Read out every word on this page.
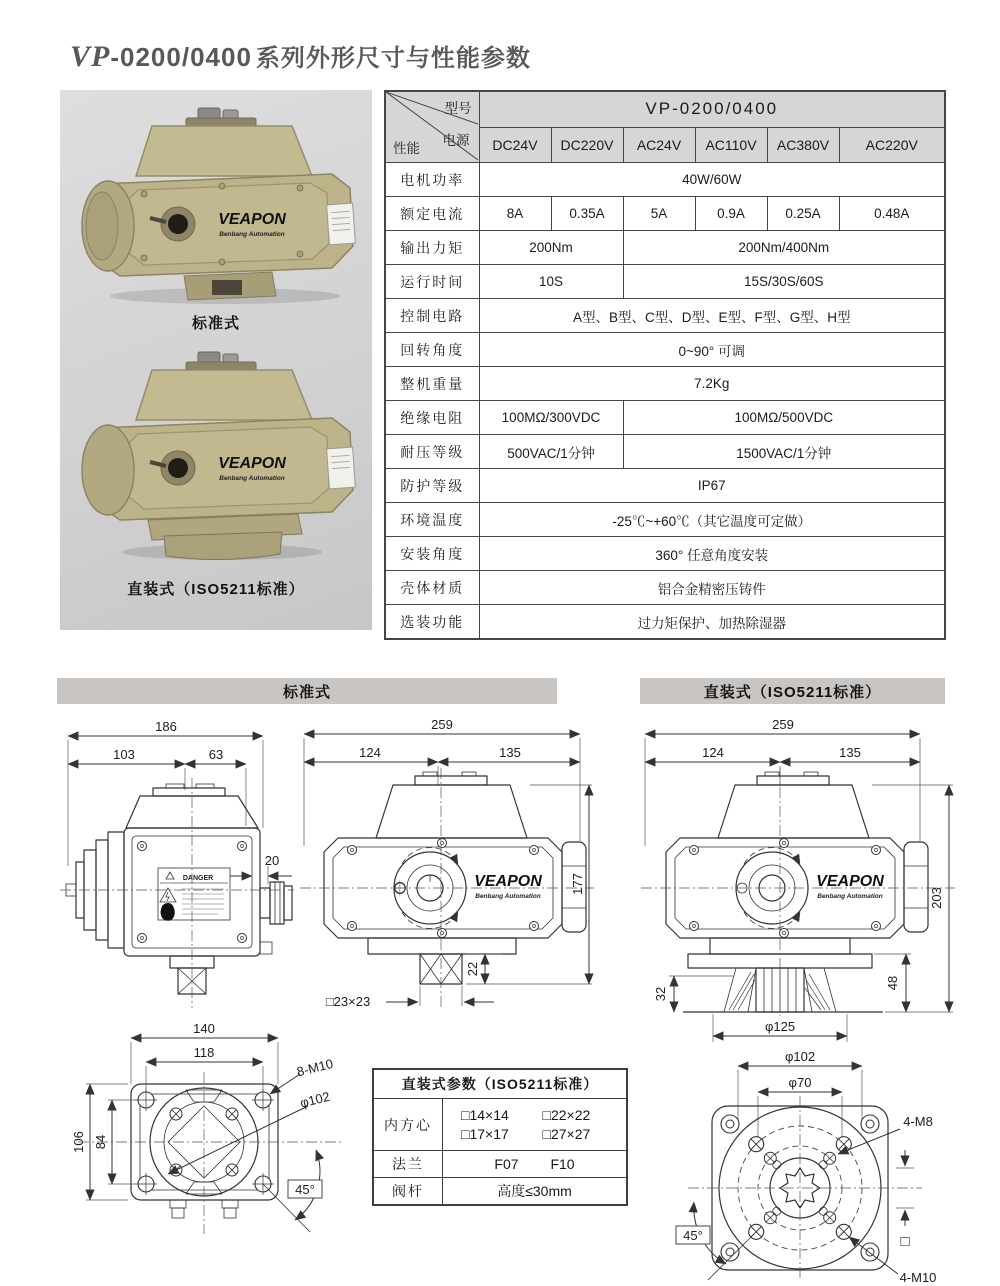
VP -0200/0400 系列外形尺寸与性能参数
VEAPON
Benbang Automation
标准式
VEAPON
Benbang Automation
直装式（ISO5211标准）
型号
电源
性能	VP-0200/0400					
	DC24V	DC220V	AC24V	AC110V	AC380V	AC220V
电机功率	40W/60W					
额定电流	8A	0.35A	5A	0.9A	0.25A	0.48A
输出力矩	200Nm		200Nm/400Nm			
运行时间	10S		15S/30S/60S			
控制电路	A型、B型、C型、D型、E型、F型、G型、H型					
回转角度	0~90° 可调					
整机重量	7.2Kg					
绝缘电阻	100MΩ/300VDC		100MΩ/500VDC			
耐压等级	500VAC/1分钟		1500VAC/1分钟			
防护等级	IP67					
环境温度	-25℃~+60℃（其它温度可定做）					
安装角度	360° 任意角度安装					
壳体材质	铝合金精密压铸件					
选装功能	过力矩保护、加热除湿器					
标准式	直装式（ISO5211标准）
186
103	63
DANGER
20
259
124	135
VEAPON
Benbang Automation
177
22
□23×23
259
124	135
VEAPON
Benbang Automation	203
48
32
φ125
140
118
106 84
8-M10
φ102
45°
直装式参数（ISO5211标准）	
内方心	□14×14 □22×22
□17×17 □27×27

法兰	F07 F10
阀杆	高度≤30mm
φ102
φ70
4-M8
4-M10
45°	□
